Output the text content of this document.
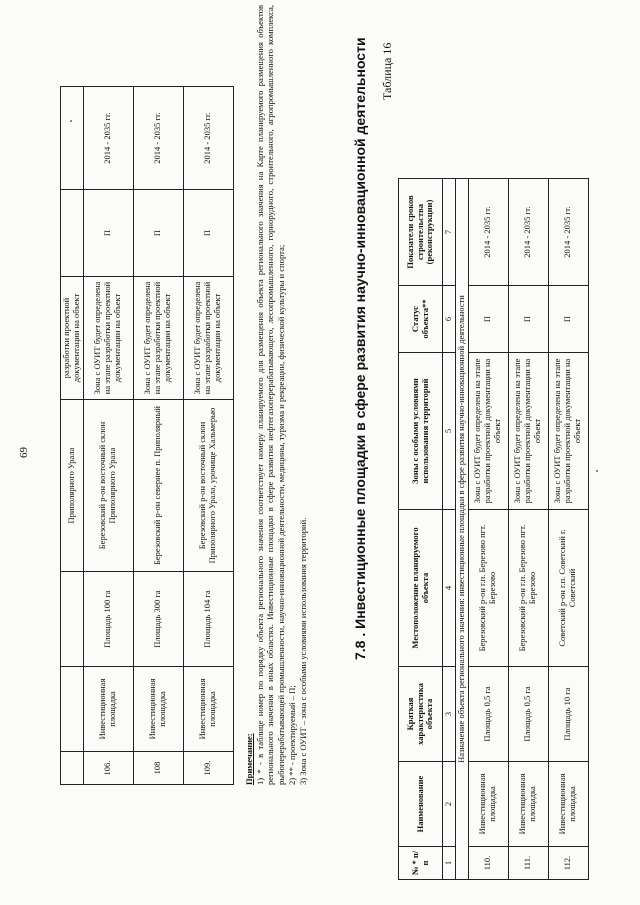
69
				Приполярного Урала	разработки проектной документации на объект		
106.	Инвестиционная площадка	Площадь 100 га	Березовский р-он восточный склон Приполярного Урала	Зона с ОУИТ будет определена на этапе разработки проектной документации на объект	П	2014 - 2035 гг.
108	Инвестиционная площадка	Площадь 300 га	Березовский р-он севернее п. Приполярный	Зона с ОУИТ будет определена на этапе разработки проектной документации на объект	П	2014 - 2035 гг.
109.	Инвестиционная площадка	Площадь 104 га	Березовский р-он восточный склон Приполярного Урала, урочище Хальмерью	Зона с ОУИТ будет определена на этапе разработки проектной документации на объект	П	2014 - 2035 гг.
Примечание: 1) * - в таблице номер по порядку объекта регионального значения соответствует номеру планируемого для размещения объекта регионального значения на Карте планируемого размещения объектов регионального значения в иных областях. Инвестиционные площадки в сфере развития нефтегазоперерабатывающего, лесопромышленного, горнорудного, строительного, агропромышленного комплекса, рыбоперерабатывающей промышленности, научно-инновационной деятельности, медицины, туризма и рекреации, физической культуры и спорта; 2) ** - проектируемый – П; 3) Зона с ОУИТ – зона с особыми условиями использования территорий.	7.8 . Инвестиционные площадки в сфере развития научно-инновационной деятельности Таблица 16
№ * п/п	Наименование	Краткая характеристика объекта	Местоположение планируемого объекта	Зоны с особыми условиями использования территорий	Статус объекта**	Показатели сроков строительства (реконструкции)
1	2	3	4	5	6	7
Назначение объекта регионального значения: инвестиционные площадки в сфере развития научно-инновационной деятельности						
110.	Инвестиционная площадка	Площадь 0,5 га	Березовский р-он г.п. Березово пгт. Березово	Зона с ОУИТ будет определена на этапе разработки проектной документации на объект	П	2014 - 2035 гг.
111.	Инвестиционная площадка	Площадь 0,5 га	Березовский р-он г.п. Березово пгт. Березово	Зона с ОУИТ будет определена на этапе разработки проектной документации на объект	П	2014 - 2035 гг.
112.	Инвестиционная площадка	Площадь 10 га	Советский р-он г.п. Советский г. Советский	Зона с ОУИТ будет определена на этапе разработки проектной документации на объект	П	2014 - 2035 гг.
